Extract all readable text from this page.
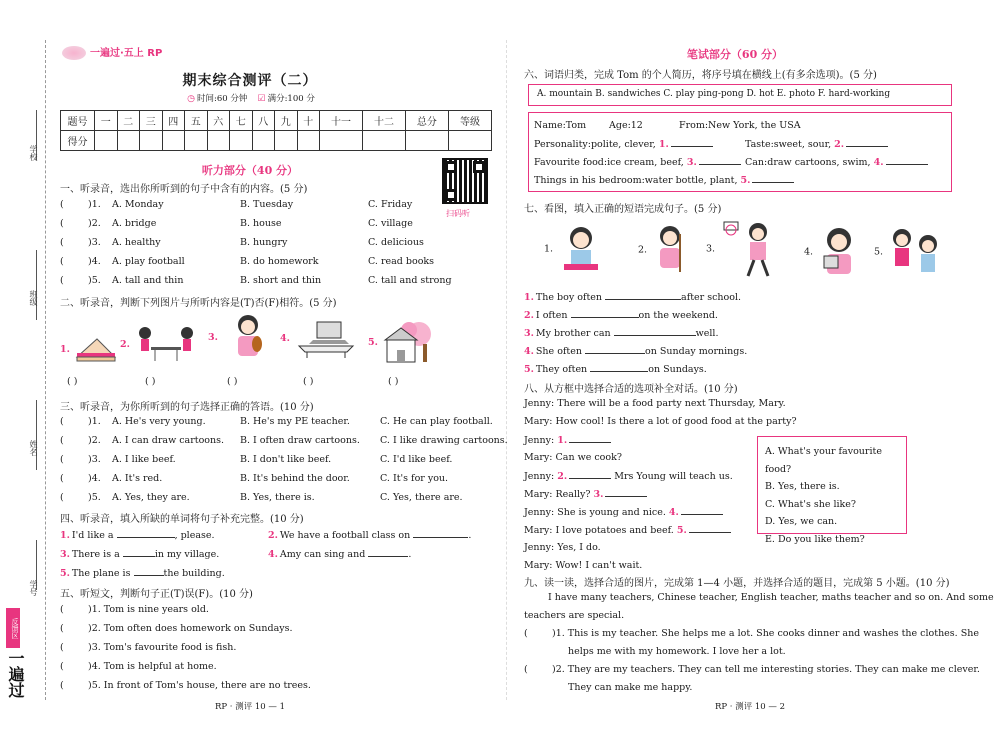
学校
班级
姓名
学号
反馈区
一遍过
一遍过·五上 RP
期末综合测评（二）
◷ 时间:60 分钟 ☑ 满分:100 分
题号	一	二	三	四	五	六	七	八	九	十	十一	十二	总分	等级
得分														
听力部分（40 分）
扫码听
一、听录音，选出你所听到的句子中含有的内容。(5 分)
(	)1.	A. Monday	B. Tuesday	C. Friday
(	)2.	A. bridge	B. house	C. village
(	)3.	A. healthy	B. hungry	C. delicious
(	)4.	A. play football	B. do homework	C. read books
(	)5.	A. tall and thin	B. short and thin	C. tall and strong
二、听录音，判断下列图片与所听内容是(T)否(F)相符。(5 分)
1.	2.
3.	4.	5.
( )	( )	( )	( )	( )
三、听录音，为你所听到的句子选择正确的答语。(10 分)
(	)1.	A. He's very young.	B. He's my PE teacher.	C. He can play football.
(	)2.	A. I can draw cartoons.	B. I often draw cartoons.	C. I like drawing cartoons.
(	)3.	A. I like beef.	B. I don't like beef.	C. I'd like beef.
(	)4.	A. It's red.	B. It's behind the door.	C. It's for you.
(	)5.	A. Yes, they are.	B. Yes, there is.	C. Yes, there are.
四、听录音，填入所缺的单词将句子补充完整。(10 分)
1. I'd like a
	, please.	2. We have a football class on
	.
3. There is a
	in my village.	4. Amy can sing and
	.
5. The plane is
	the building.
五、听短文，判断句子正(T)误(F)。(10 分)
(	)1. Tom is nine years old.
(	)2. Tom often does homework on Sundays.
(	)3. Tom's favourite food is fish.
(	)4. Tom is helpful at home.
(	)5. In front of Tom's house, there are no trees.
RP · 测评 10 — 1
笔试部分（60 分）
六、词语归类，完成 Tom 的个人简历，将序号填在横线上(有多余选项)。(5 分)
A. mountain B. sandwiches C. play ping-pong D. hot E. photo F. hard-working
Name:Tom Age:12	From:New York, the USA
Personality:polite, clever,
1.	Taste:sweet, sour,
2.
Favourite food:ice cream, beef,
3.	Can:draw cartoons, swim,
4.
Things in his bedroom:water bottle, plant,
5.
七、看图，填入正确的短语完成句子。(5 分)
1.	2.	3.	4.	5.
1. The boy often
	after school.
2. I often
	on the weekend.
3. My brother can
	well.
4. She often
	on Sunday mornings.
5. They often
	on Sundays.
八、从方框中选择合适的选项补全对话。(10 分)
Jenny: There will be a food party next Thursday, Mary.
Mary: How cool! Is there a lot of good food at the party?
Jenny:
1.
Mary: Can we cook?
Jenny:
2.
	Mrs Young will teach us.
Mary: Really?
3.
Jenny: She is young and nice.
4.
Mary: I love potatoes and beef.
5.
Jenny: Yes, I do.
Mary: Wow! I can't wait.
A. What's your favourite food?
B. Yes, there is.
C. What's she like?
D. Yes, we can.
E. Do you like them?
九、读一读，选择合适的图片，完成第 1—4 小题，并选择合适的题目，完成第 5 小题。(10 分)
I have many teachers, Chinese teacher, English teacher, maths teacher and so on. And some
teachers are special.
(	)1. This is my teacher. She helps me a lot. She cooks dinner and washes the clothes. She
helps me with my homework. I love her a lot.
(	)2. They are my teachers. They can tell me interesting stories. They can make me clever.
They can make me happy.
RP · 测评 10 — 2
